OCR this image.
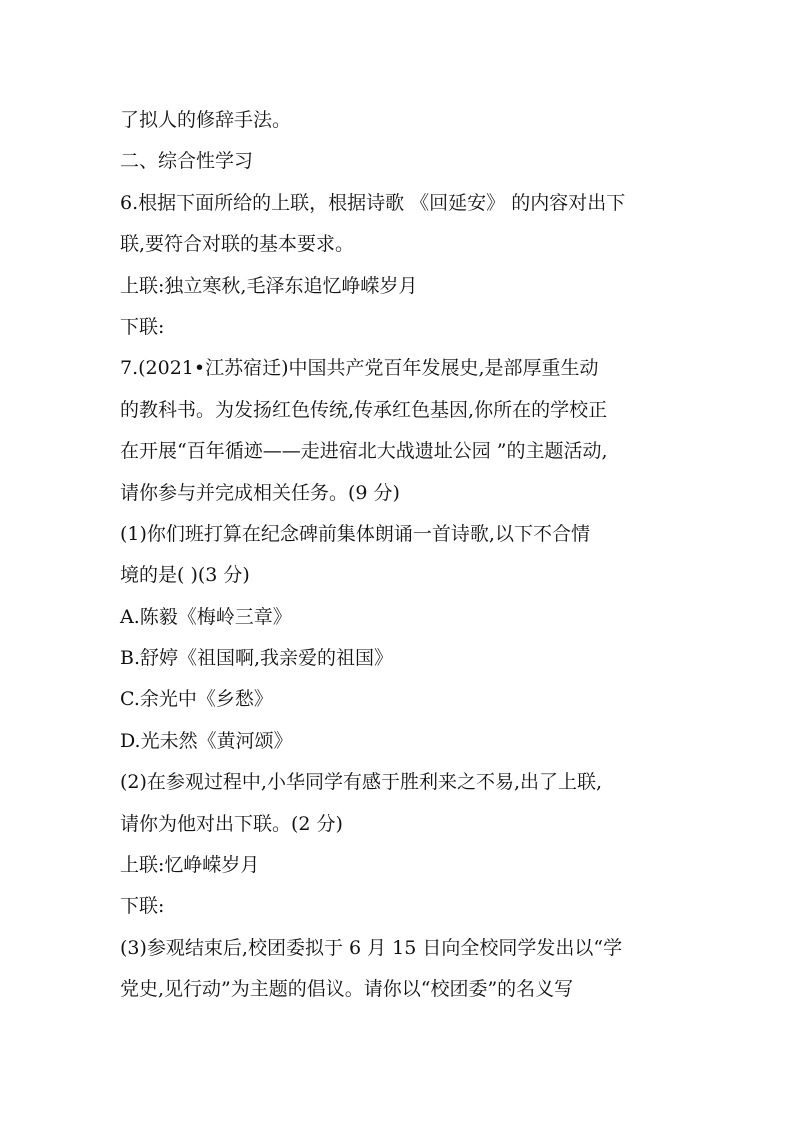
了拟人的修辞手法。
二、综合性学习
6.根据下面所给的上联，根据诗歌 《回延安》 的内容对出下
联,要符合对联的基本要求。
上联:独立寒秋,毛泽东追忆峥嵘岁月
下联:
7.(2021•江苏宿迁)中国共产党百年发展史,是部厚重生动
的教科书。为发扬红色传统,传承红色基因,你所在的学校正
在开展“百年循迹——走进宿北大战遗址公园 ”的主题活动,
请你参与并完成相关任务。(9 分)
(1)你们班打算在纪念碑前集体朗诵一首诗歌,以下不合情
境的是( )(3 分)
A.陈毅《梅岭三章》
B.舒婷《祖国啊,我亲爱的祖国》
C.余光中《乡愁》
D.光未然《黄河颂》
(2)在参观过程中,小华同学有感于胜利来之不易,出了上联,
请你为他对出下联。(2 分)
上联:忆峥嵘岁月
下联:
(3)参观结束后,校团委拟于 6 月 15 日向全校同学发出以“学
党史,见行动”为主题的倡议。请你以“校团委”的名义写
